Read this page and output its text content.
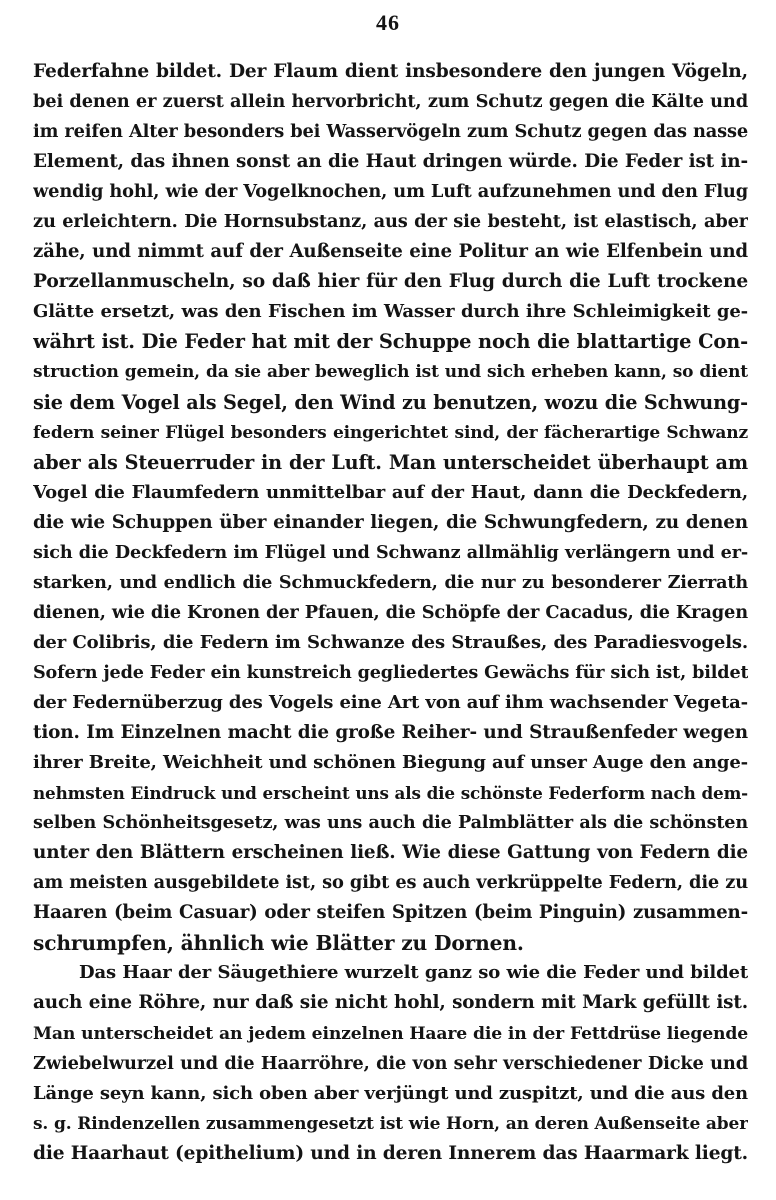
46
Federfahne bildet. Der Flaum dient insbesondere den jungen Vögeln,
bei denen er zuerst allein hervorbricht, zum Schutz gegen die Kälte und
im reifen Alter besonders bei Wasservögeln zum Schutz gegen das nasse
Element, das ihnen sonst an die Haut dringen würde. Die Feder ist in-
wendig hohl, wie der Vogelknochen, um Luft aufzunehmen und den Flug
zu erleichtern. Die Hornsubstanz, aus der sie besteht, ist elastisch, aber
zähe, und nimmt auf der Außenseite eine Politur an wie Elfenbein und
Porzellanmuscheln, so daß hier für den Flug durch die Luft trockene
Glätte ersetzt, was den Fischen im Wasser durch ihre Schleimigkeit ge-
währt ist. Die Feder hat mit der Schuppe noch die blattartige Con-
struction gemein, da sie aber beweglich ist und sich erheben kann, so dient
sie dem Vogel als Segel, den Wind zu benutzen, wozu die Schwung-
federn seiner Flügel besonders eingerichtet sind, der fächerartige Schwanz
aber als Steuerruder in der Luft. Man unterscheidet überhaupt am
Vogel die Flaumfedern unmittelbar auf der Haut, dann die Deckfedern,
die wie Schuppen über einander liegen, die Schwungfedern, zu denen
sich die Deckfedern im Flügel und Schwanz allmählig verlängern und er-
starken, und endlich die Schmuckfedern, die nur zu besonderer Zierrath
dienen, wie die Kronen der Pfauen, die Schöpfe der Cacadus, die Kragen
der Colibris, die Federn im Schwanze des Straußes, des Paradiesvogels.
Sofern jede Feder ein kunstreich gegliedertes Gewächs für sich ist, bildet
der Federnüberzug des Vogels eine Art von auf ihm wachsender Vegeta-
tion. Im Einzelnen macht die große Reiher- und Straußenfeder wegen
ihrer Breite, Weichheit und schönen Biegung auf unser Auge den ange-
nehmsten Eindruck und erscheint uns als die schönste Federform nach dem-
selben Schönheitsgesetz, was uns auch die Palmblätter als die schönsten
unter den Blättern erscheinen ließ. Wie diese Gattung von Federn die
am meisten ausgebildete ist, so gibt es auch verkrüppelte Federn, die zu
Haaren (beim Casuar) oder steifen Spitzen (beim Pinguin) zusammen-
schrumpfen, ähnlich wie Blätter zu Dornen.
Das Haar der Säugethiere wurzelt ganz so wie die Feder und bildet
auch eine Röhre, nur daß sie nicht hohl, sondern mit Mark gefüllt ist.
Man unterscheidet an jedem einzelnen Haare die in der Fettdrüse liegende
Zwiebelwurzel und die Haarröhre, die von sehr verschiedener Dicke und
Länge seyn kann, sich oben aber verjüngt und zuspitzt, und die aus den
s. g. Rindenzellen zusammengesetzt ist wie Horn, an deren Außenseite aber
die Haarhaut (epithelium) und in deren Innerem das Haarmark liegt.
